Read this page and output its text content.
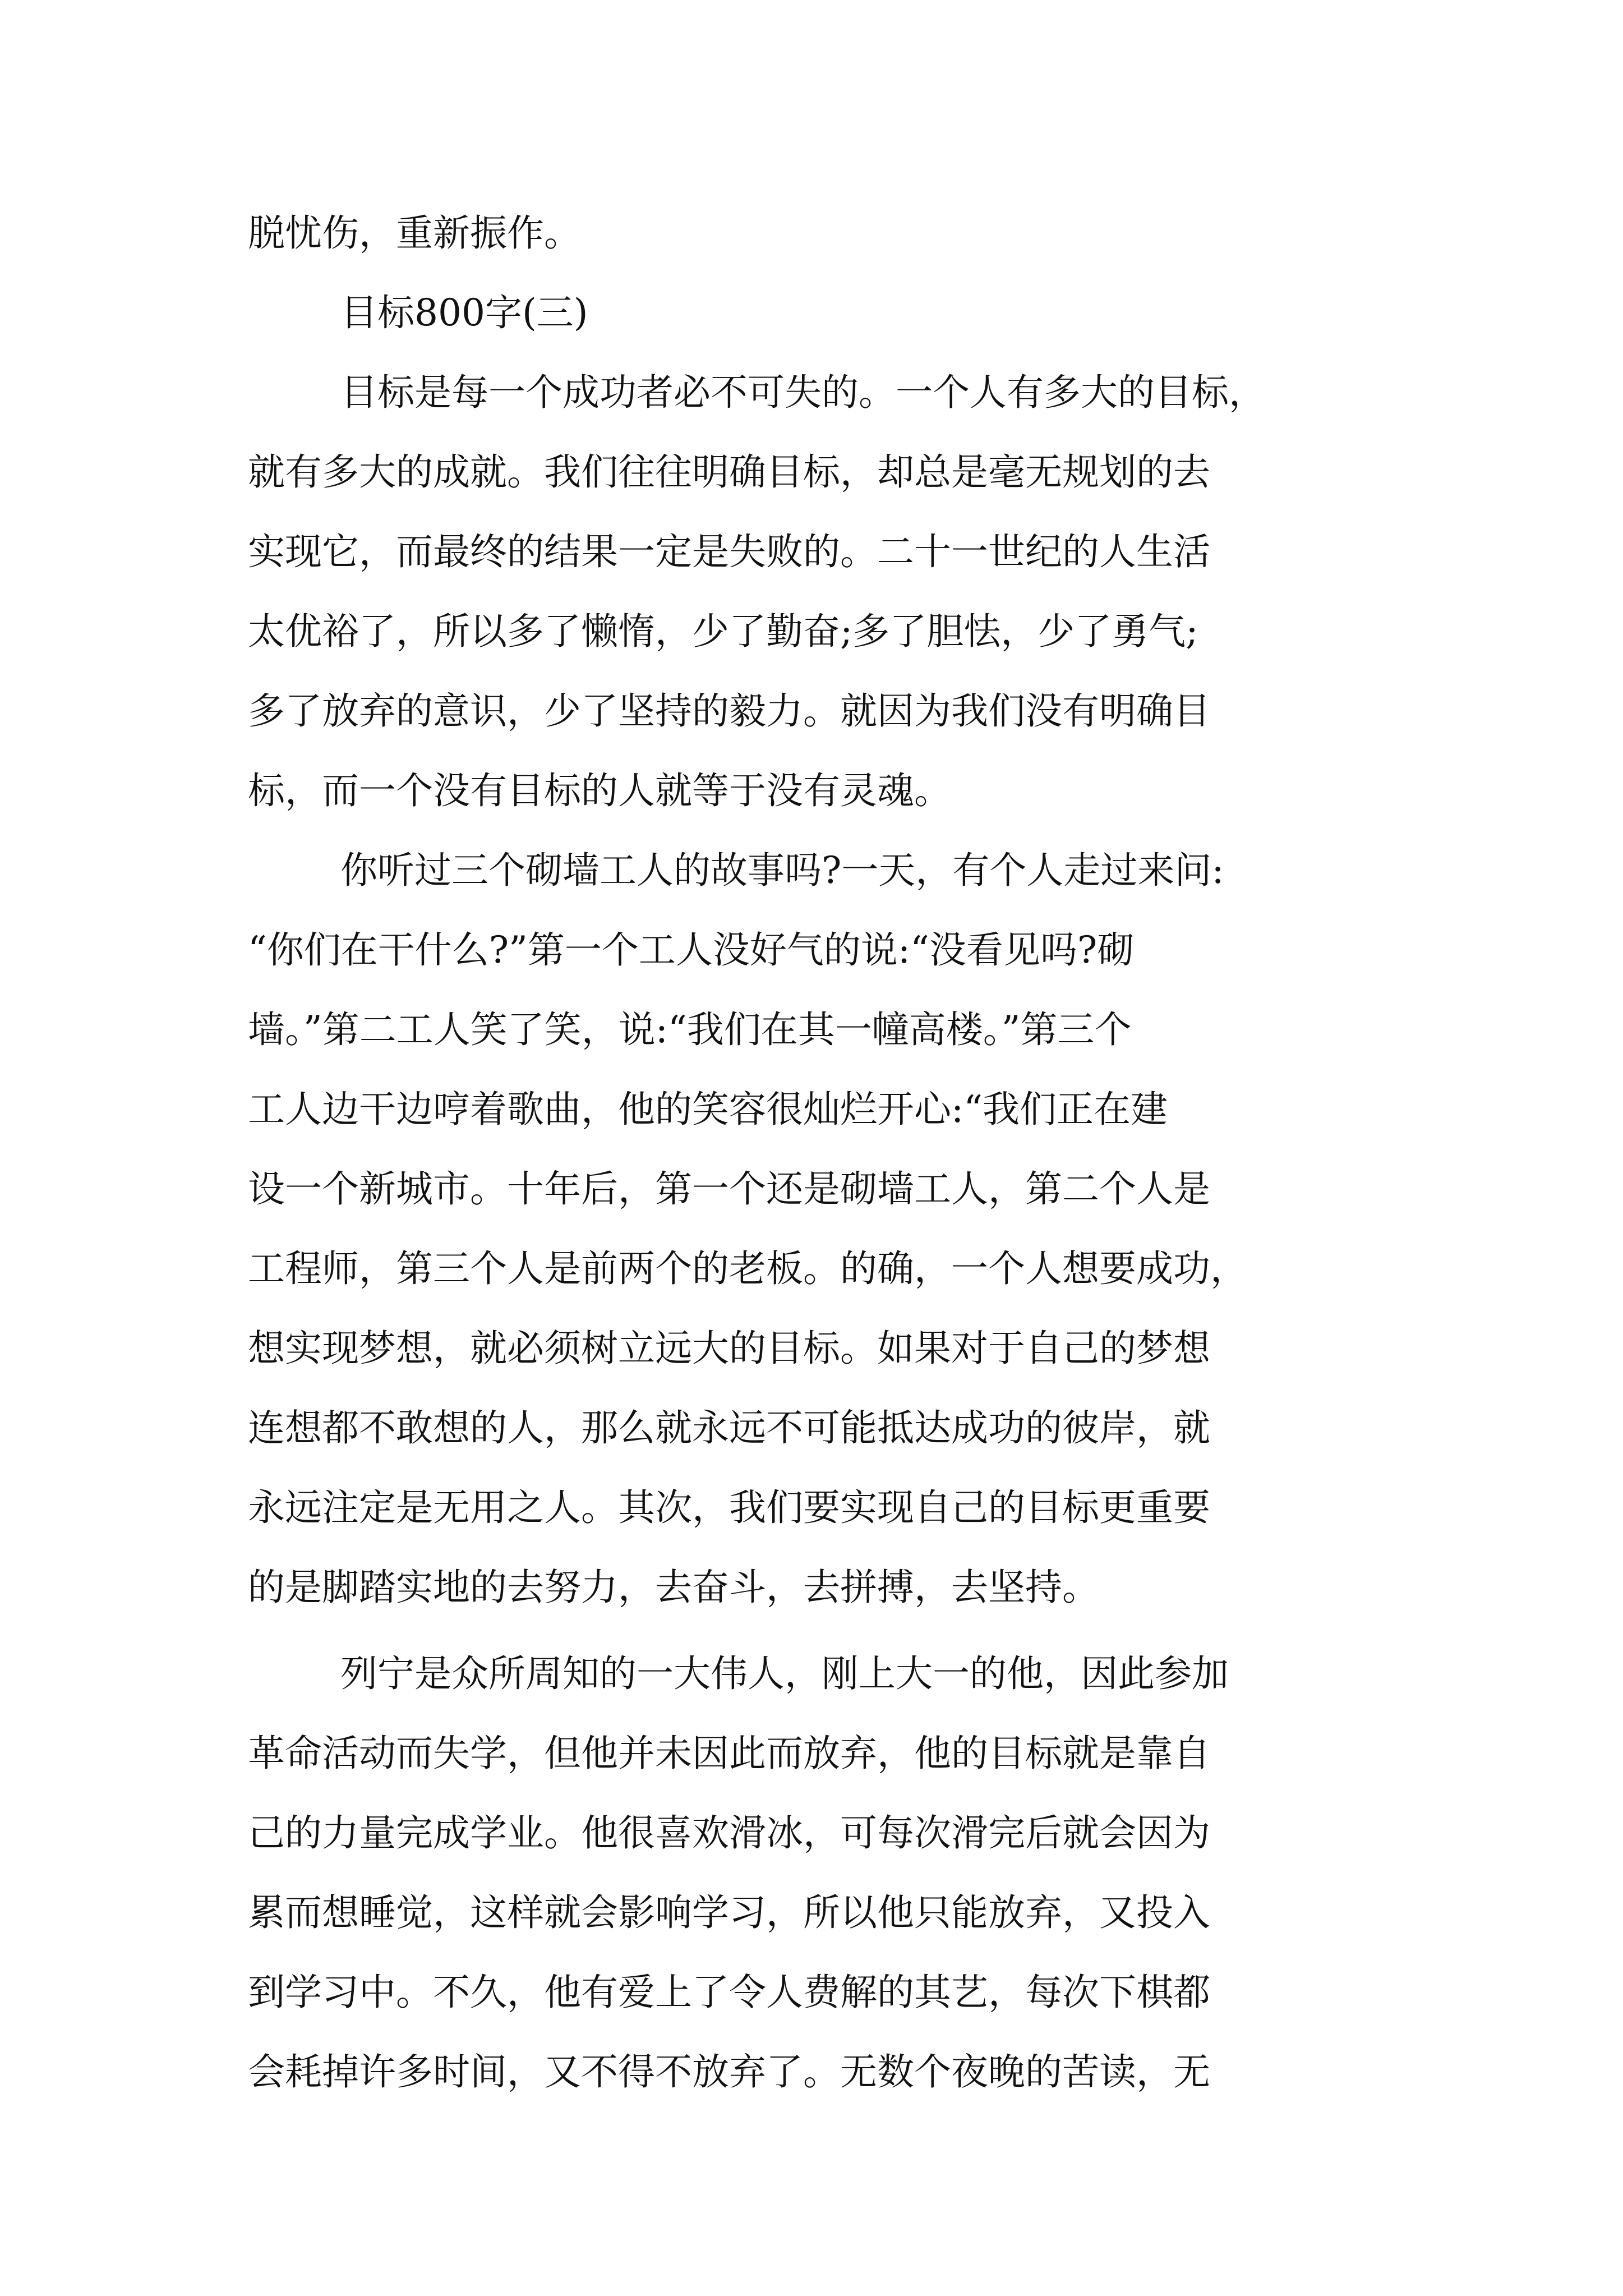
脱忧伤，重新振作。
目标800字(三)
目标是每一个成功者必不可失的。一个人有多大的目标，
就有多大的成就。我们往往明确目标，却总是毫无规划的去
实现它，而最终的结果一定是失败的。二十一世纪的人生活
太优裕了，所以多了懒惰，少了勤奋;多了胆怯，少了勇气;
多了放弃的意识，少了坚持的毅力。就因为我们没有明确目
标，而一个没有目标的人就等于没有灵魂。
你听过三个砌墙工人的故事吗?一天，有个人走过来问:
“你们在干什么?”第一个工人没好气的说:“没看见吗?砌
墙。”第二工人笑了笑，说:“我们在其一幢高楼。”第三个
工人边干边哼着歌曲，他的笑容很灿烂开心:“我们正在建
设一个新城市。十年后，第一个还是砌墙工人，第二个人是
工程师，第三个人是前两个的老板。的确，一个人想要成功，
想实现梦想，就必须树立远大的目标。如果对于自己的梦想
连想都不敢想的人，那么就永远不可能抵达成功的彼岸，就
永远注定是无用之人。其次，我们要实现自己的目标更重要
的是脚踏实地的去努力，去奋斗，去拼搏，去坚持。
列宁是众所周知的一大伟人，刚上大一的他，因此参加
革命活动而失学，但他并未因此而放弃，他的目标就是靠自
己的力量完成学业。他很喜欢滑冰，可每次滑完后就会因为
累而想睡觉，这样就会影响学习，所以他只能放弃，又投入
到学习中。不久，他有爱上了令人费解的其艺，每次下棋都
会耗掉许多时间，又不得不放弃了。无数个夜晚的苦读，无
